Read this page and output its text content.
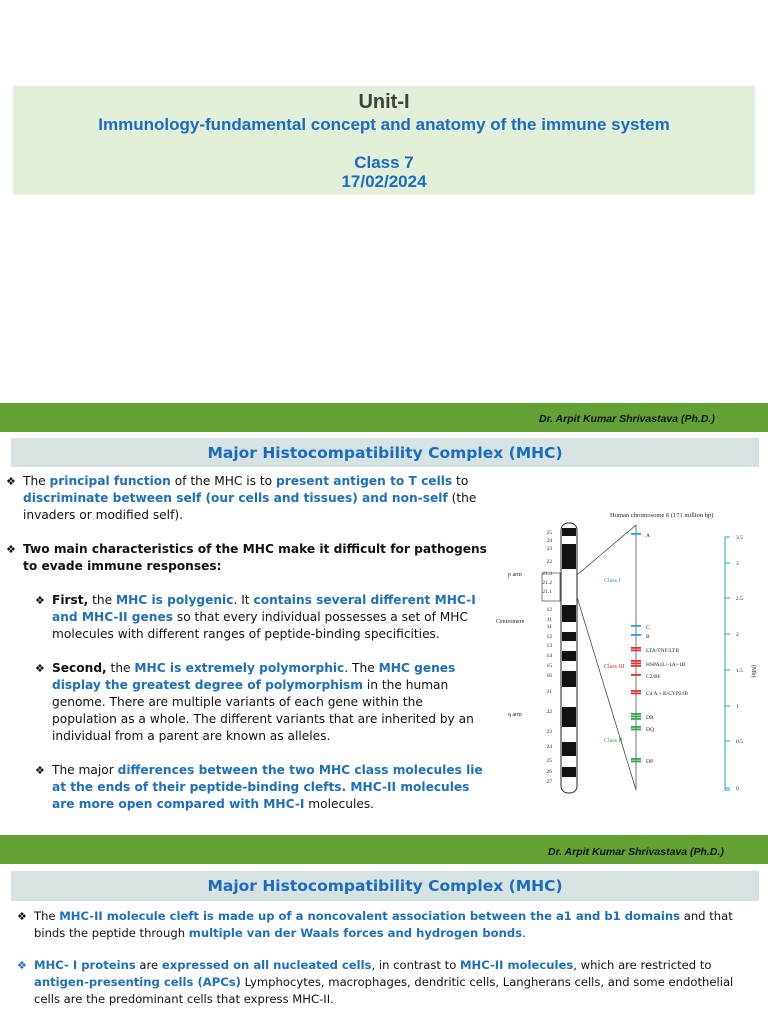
Unit-I
Immunology-fundamental concept and anatomy of the immune system
Class 7
17/02/2024
Dr. Arpit Kumar Shrivastava (Ph.D.)
Major Histocompatibility Complex (MHC)
❖ The principal function of the MHC is to present antigen to T cells to discriminate between self (our cells and tissues) and non-self (the invaders or modified self).
❖ Two main characteristics of the MHC make it difficult for pathogens to evade immune responses:
❖ First, the MHC is polygenic. It contains several different MHC-I and MHC-II genes so that every individual possesses a set of MHC molecules with different ranges of peptide-binding specificities.
❖ Second, the MHC is extremely polymorphic. The MHC genes display the greatest degree of polymorphism in the human genome. There are multiple variants of each gene within the population as a whole. The different variants that are inherited by an individual from a parent are known as alleles.
❖ The major differences between the two MHC class molecules lie at the ends of their peptide-binding clefts. MHC-II molecules are more open compared with MHC-I molecules.
Human chromosome 6 (171 million bp)
p arm
q arm
Centromere
25
24
23
22
21.3
21.2
21.1
12
11
11
12
13
14
15
16
21
22
23
24
25
26
27
A
C
B
LTA/TNF/LTB
HSPA1L/-1A/-1B
C2/BF
C4 A + B/CYP21B
DR
DQ
DP
Class I
Class III
Class II
3.5
3
2.5
2
1.5
1
0.5
0
(Mb)
Dr. Arpit Kumar Shrivastava (Ph.D.)
Major Histocompatibility Complex (MHC)
❖ The MHC-II molecule cleft is made up of a noncovalent association between the a1 and b1 domains and that binds the peptide through multiple van der Waals forces and hydrogen bonds.
❖ MHC- I proteins are expressed on all nucleated cells, in contrast to MHC-II molecules, which are restricted to antigen-presenting cells (APCs) Lymphocytes, macrophages, dendritic cells, Langherans cells, and some endothelial cells are the predominant cells that express MHC-II.
